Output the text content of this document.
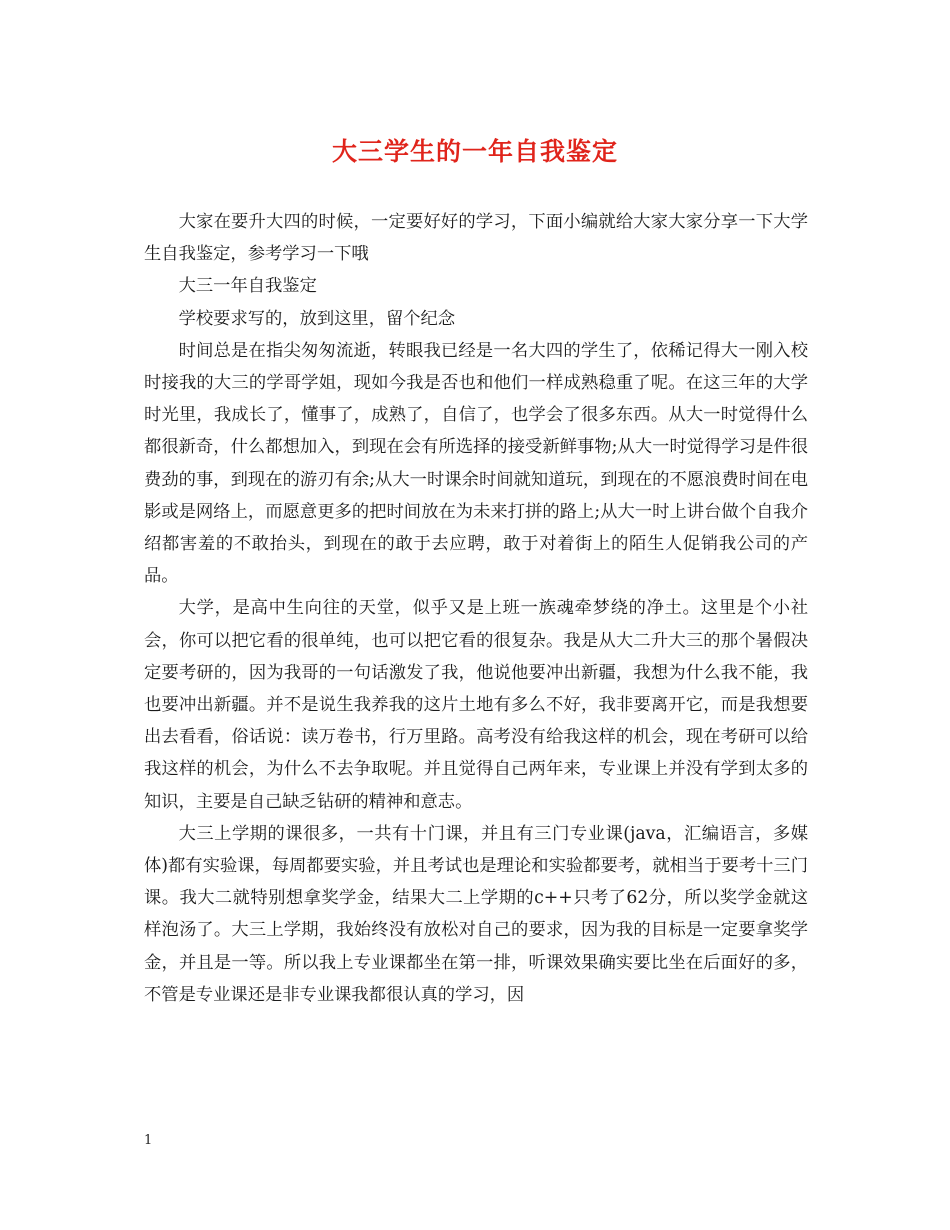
大三学生的一年自我鉴定

大家在要升大四的时候，一定要好好的学习，下面小编就给大家大家分享一下大学生自我鉴定，参考学习一下哦

大三一年自我鉴定

学校要求写的，放到这里，留个纪念

时间总是在指尖匆匆流逝，转眼我已经是一名大四的学生了，依稀记得大一刚入校时接我的大三的学哥学姐，现如今我是否也和他们一样成熟稳重了呢。在这三年的大学时光里，我成长了，懂事了，成熟了，自信了，也学会了很多东西。从大一时觉得什么都很新奇，什么都想加入，到现在会有所选择的接受新鲜事物;从大一时觉得学习是件很费劲的事，到现在的游刃有余;从大一时课余时间就知道玩，到现在的不愿浪费时间在电影或是网络上，而愿意更多的把时间放在为未来打拼的路上;从大一时上讲台做个自我介绍都害羞的不敢抬头，到现在的敢于去应聘，敢于对着街上的陌生人促销我公司的产品。

大学，是高中生向往的天堂，似乎又是上班一族魂牵梦绕的净土。这里是个小社会，你可以把它看的很单纯，也可以把它看的很复杂。我是从大二升大三的那个暑假决定要考研的，因为我哥的一句话激发了我，他说他要冲出新疆，我想为什么我不能，我也要冲出新疆。并不是说生我养我的这片土地有多么不好，我非要离开它，而是我想要出去看看，俗话说：读万卷书，行万里路。高考没有给我这样的机会，现在考研可以给我这样的机会，为什么不去争取呢。并且觉得自己两年来，专业课上并没有学到太多的知识，主要是自己缺乏钻研的精神和意志。

大三上学期的课很多，一共有十门课，并且有三门专业课(java，汇编语言，多媒体)都有实验课，每周都要实验，并且考试也是理论和实验都要考，就相当于要考十三门课。我大二就特别想拿奖学金，结果大二上学期的c++只考了62分，所以奖学金就这样泡汤了。大三上学期，我始终没有放松对自己的要求，因为我的目标是一定要拿奖学金，并且是一等。所以我上专业课都坐在第一排，听课效果确实要比坐在后面好的多，不管是专业课还是非专业课我都很认真的学习，因

1
